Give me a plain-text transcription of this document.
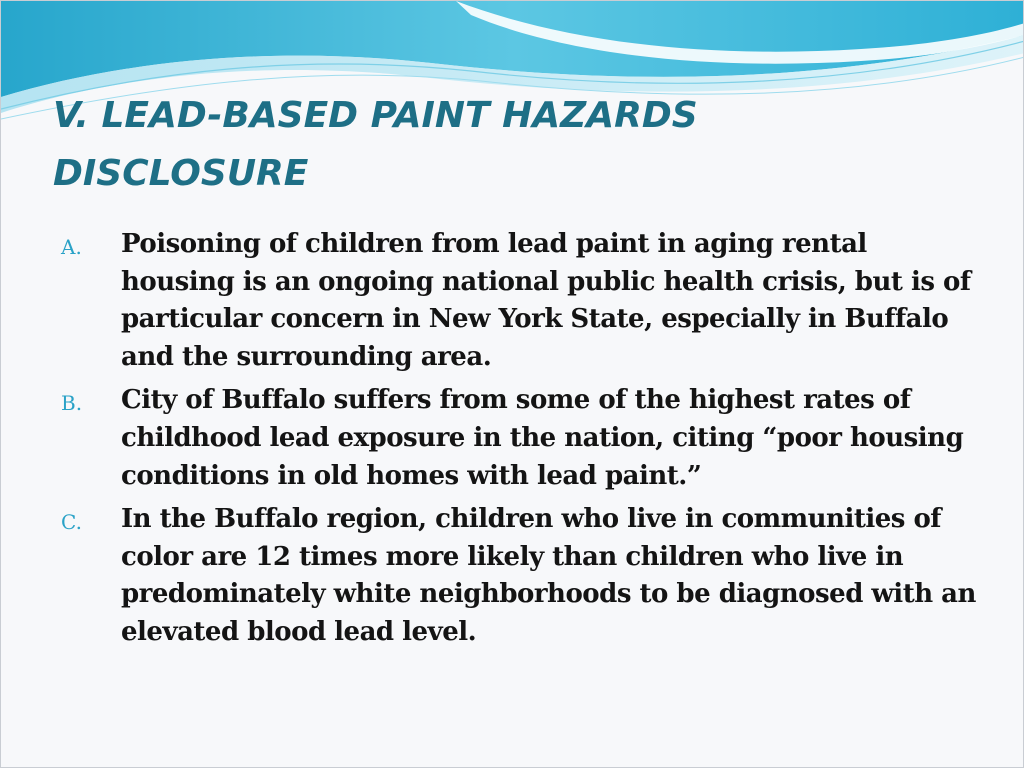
V. LEAD-BASED PAINT HAZARDS
DISCLOSURE
A. Poisoning of children from lead paint in aging rental housing is an ongoing national public health crisis, but is of particular concern in New York State, especially in Buffalo and the surrounding area.
B. City of Buffalo suffers from some of the highest rates of childhood lead exposure in the nation, citing “poor housing conditions in old homes with lead paint.”
C. In the Buffalo region, children who live in communities of color are 12 times more likely than children who live in predominately white neighborhoods to be diagnosed with an elevated blood lead level.
